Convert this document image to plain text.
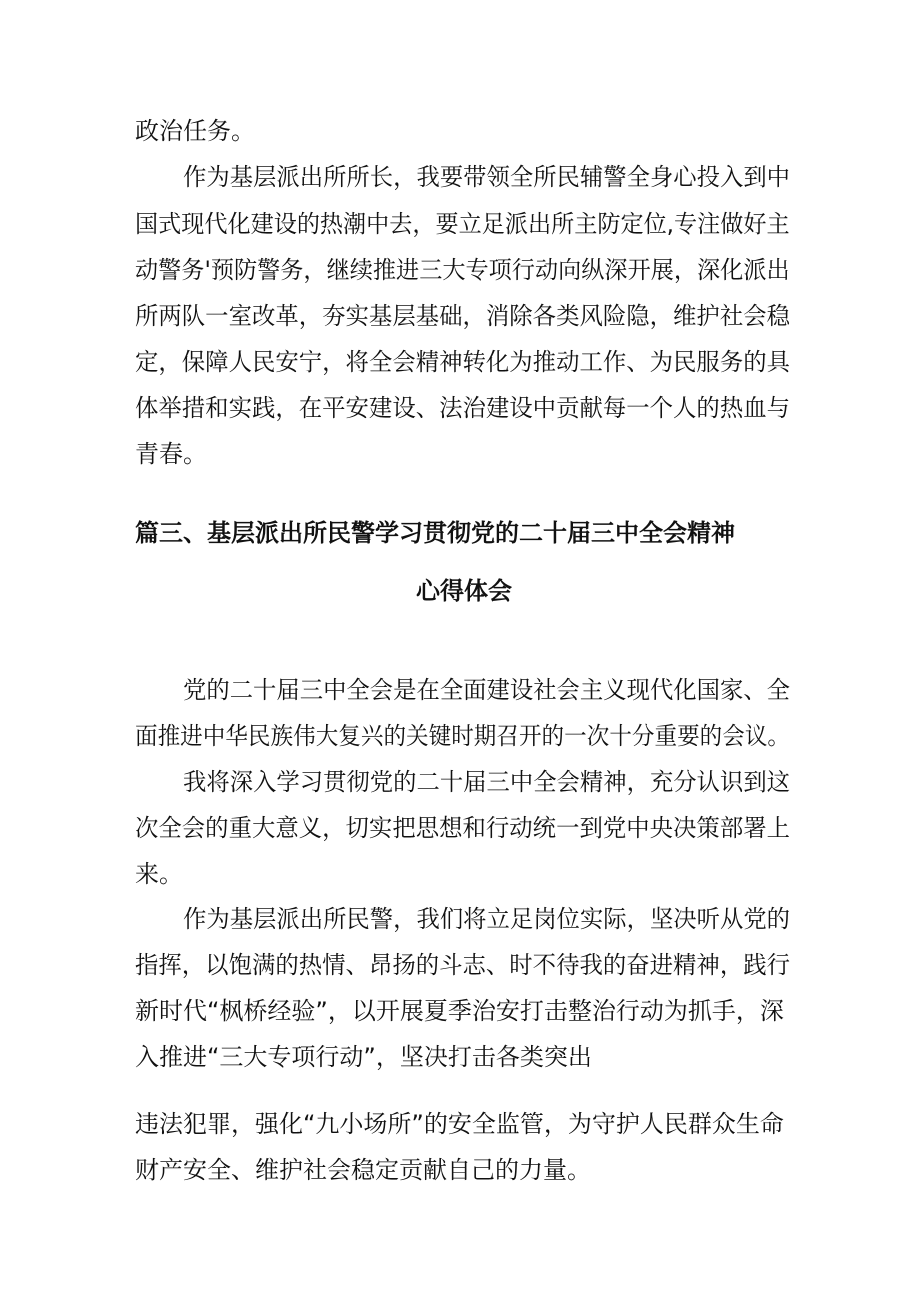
政治任务。
作为基层派出所所长，我要带领全所民辅警全身心投入到中
国式现代化建设的热潮中去，要立足派出所主防定位,专注做好主
动警务'预防警务，继续推进三大专项行动向纵深开展，深化派出
所两队一室改革，夯实基层基础，消除各类风险隐，维护社会稳
定，保障人民安宁，将全会精神转化为推动工作、为民服务的具
体举措和实践，在平安建设、法治建设中贡献每一个人的热血与
青春。
篇三、基层派出所民警学习贯彻党的二十届三中全会精神
心得体会
党的二十届三中全会是在全面建设社会主义现代化国家、全
面推进中华民族伟大复兴的关键时期召开的一次十分重要的会议。
我将深入学习贯彻党的二十届三中全会精神，充分认识到这
次全会的重大意义，切实把思想和行动统一到党中央决策部署上
来。
作为基层派出所民警，我们将立足岗位实际，坚决听从党的
指挥，以饱满的热情、昂扬的斗志、时不待我的奋进精神，践行
新时代“枫桥经验”，以开展夏季治安打击整治行动为抓手，深
入推进“三大专项行动”，坚决打击各类突出
违法犯罪，强化“九小场所”的安全监管，为守护人民群众生命
财产安全、维护社会稳定贡献自己的力量。
